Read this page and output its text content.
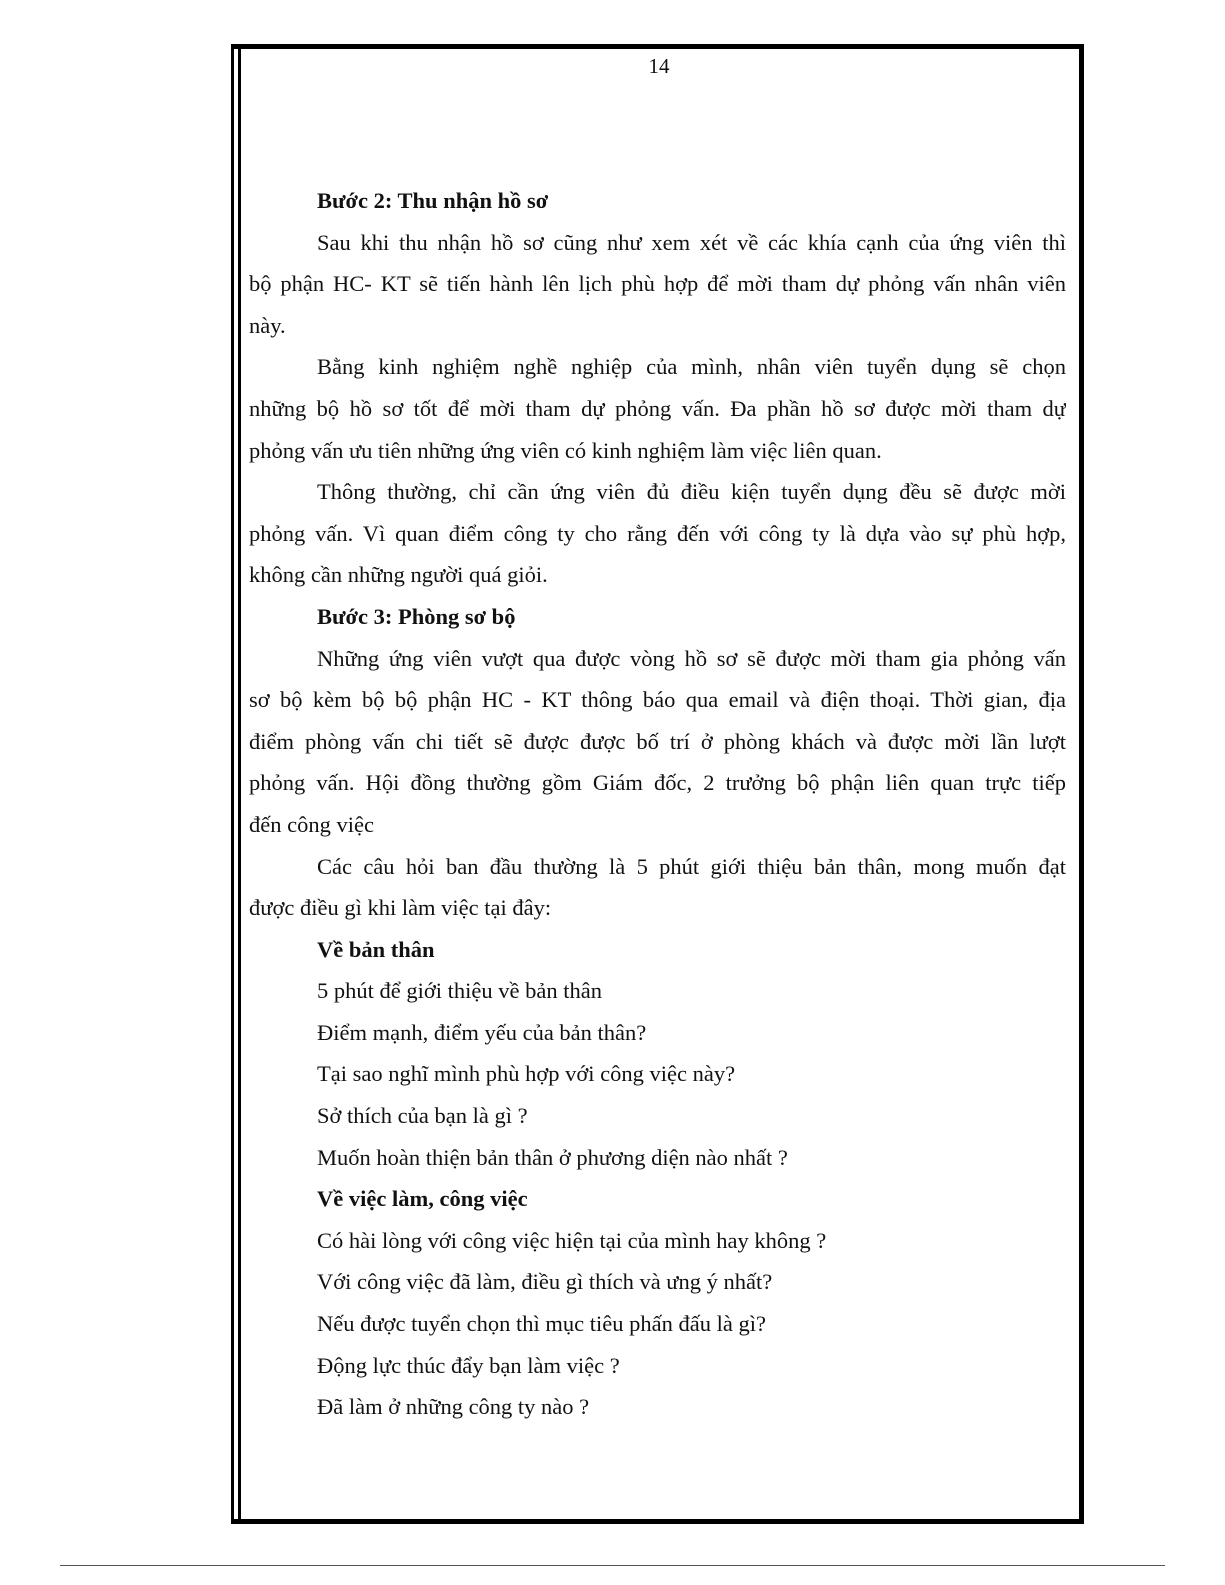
14
Bước 2: Thu nhận hồ sơ
Sau khi thu nhận hồ sơ cũng như xem xét về các khía cạnh của ứng viên thì
bộ phận HC- KT sẽ tiến hành lên lịch phù hợp để mời tham dự phỏng vấn nhân viên
này.
Bằng kinh nghiệm nghề nghiệp của mình, nhân viên tuyển dụng sẽ chọn
những bộ hồ sơ tốt để mời tham dự phỏng vấn. Đa phần hồ sơ được mời tham dự
phỏng vấn ưu tiên những ứng viên có kinh nghiệm làm việc liên quan.
Thông thường, chỉ cần ứng viên đủ điều kiện tuyển dụng đều sẽ được mời
phỏng vấn. Vì quan điểm công ty cho rằng đến với công ty là dựa vào sự phù hợp,
không cần những người quá giỏi.
Bước 3: Phòng sơ bộ
Những ứng viên vượt qua được vòng hồ sơ sẽ được mời tham gia phỏng vấn
sơ bộ kèm bộ bộ phận HC - KT thông báo qua email và điện thoại. Thời gian, địa
điểm phòng vấn chi tiết sẽ được được bố trí ở phòng khách và được mời lần lượt
phỏng vấn. Hội đồng thường gồm Giám đốc, 2 trưởng bộ phận liên quan trực tiếp
đến công việc
Các câu hỏi ban đầu thường là 5 phút giới thiệu bản thân, mong muốn đạt
được điều gì khi làm việc tại đây:
Về bản thân
5 phút để giới thiệu về bản thân
Điểm mạnh, điểm yếu của bản thân?
Tại sao nghĩ mình phù hợp với công việc này?
Sở thích của bạn là gì ?
Muốn hoàn thiện bản thân ở phương diện nào nhất ?
Về việc làm, công việc
Có hài lòng với công việc hiện tại của mình hay không ?
Với công việc đã làm, điều gì thích và ưng ý nhất?
Nếu được tuyển chọn thì mục tiêu phấn đấu là gì?
Động lực thúc đẩy bạn làm việc ?
Đã làm ở những công ty nào ?
